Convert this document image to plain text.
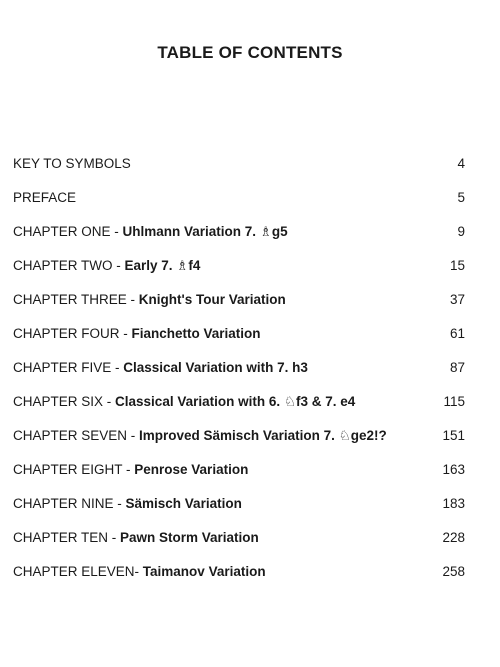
TABLE OF CONTENTS
KEY TO SYMBOLS	4
PREFACE	5
CHAPTER ONE - Uhlmann Variation 7. ♗g5	9
CHAPTER TWO - Early 7. ♗f4	15
CHAPTER THREE - Knight's Tour Variation	37
CHAPTER FOUR - Fianchetto Variation	61
CHAPTER FIVE - Classical Variation with 7. h3	87
CHAPTER SIX - Classical Variation with 6. ♘f3 & 7. e4	115
CHAPTER SEVEN - Improved Sämisch Variation 7. ♘ge2!?	151
CHAPTER EIGHT - Penrose Variation	163
CHAPTER NINE - Sämisch Variation	183
CHAPTER TEN - Pawn Storm Variation	228
CHAPTER ELEVEN- Taimanov Variation	258
